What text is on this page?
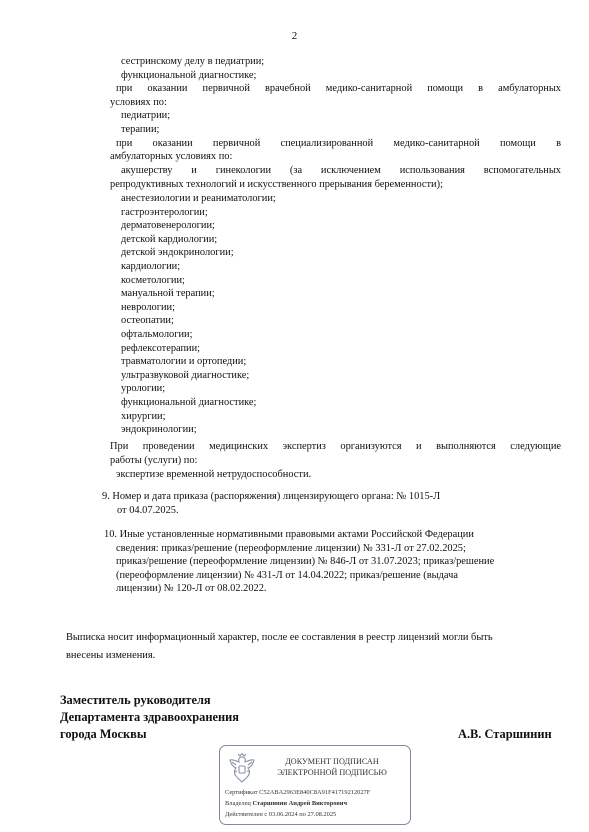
2
сестринскому делу в педиатрии;
функциональной диагностике;
при оказании первичной врачебной медико-санитарной помощи в амбулаторных
условиях по:
педиатрии;
терапии;
при оказании первичной специализированной медико-санитарной помощи в
амбулаторных условиях по:
акушерству и гинекологии (за исключением использования вспомогательных
репродуктивных технологий и искусственного прерывания беременности);
анестезиологии и реаниматологии;
гастроэнтерологии;
дерматовенерологии;
детской кардиологии;
детской эндокринологии;
кардиологии;
косметологии;
мануальной терапии;
неврологии;
остеопатии;
офтальмологии;
рефлексотерапии;
травматологии и ортопедии;
ультразвуковой диагностике;
урологии;
функциональной диагностике;
хирургии;
эндокринологии;
При проведении медицинских экспертиз организуются и выполняются следующие
работы (услуги) по:
экспертизе временной нетрудоспособности.
9. Номер и дата приказа (распоряжения) лицензирующего органа: № 1015-Л
от 04.07.2025.
10. Иные установленные нормативными правовыми актами Российской Федерации
сведения: приказ/решение (переоформление лицензии) № 331-Л от 27.02.2025;
приказ/решение (переоформление лицензии) № 846-Л от 31.07.2023; приказ/решение
(переоформление лицензии) № 431-Л от 14.04.2022; приказ/решение (выдача
лицензии) № 120-Л от 08.02.2022.
Выписка носит информационный характер, после ее составления в реестр лицензий могли быть
внесены изменения.
Заместитель руководителя
Департамента здравоохранения
города Москвы	А.В. Старшинин
ДОКУМЕНТ ПОДПИСАН
ЭЛЕКТРОННОЙ ПОДПИСЬЮ
Сертификат C52ABA2963E840C8A91F41719212027F
Владелец Старшинин Андрей Викторович
Действителен с 03.06.2024 по 27.08.2025
